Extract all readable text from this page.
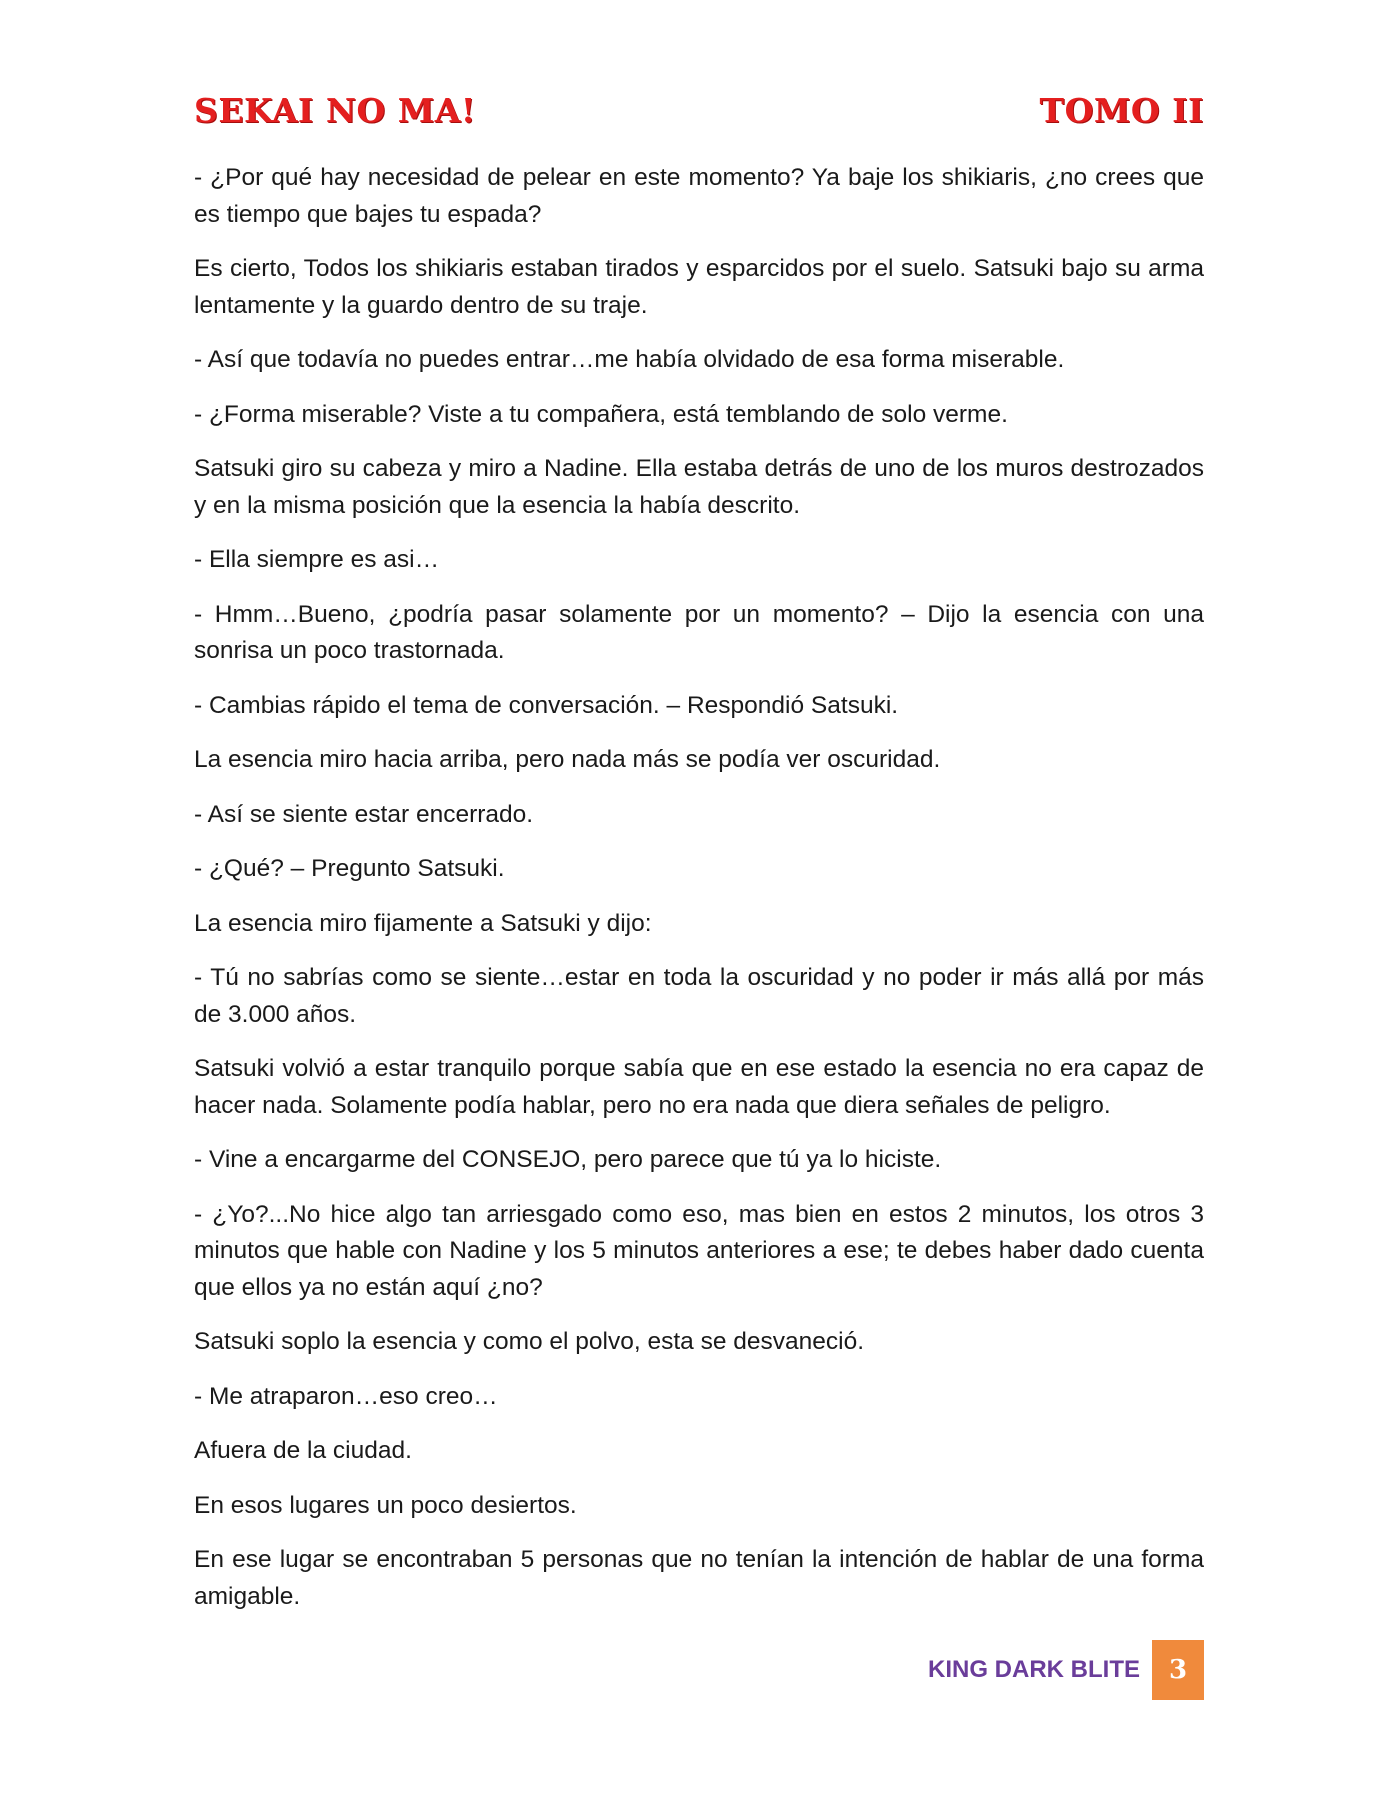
SEKAI NO MA!	TOMO II

- ¿Por qué hay necesidad de pelear en este momento? Ya baje los shikiaris, ¿no crees que es tiempo que bajes tu espada?

Es cierto, Todos los shikiaris estaban tirados y esparcidos por el suelo. Satsuki bajo su arma lentamente y la guardo dentro de su traje.

- Así que todavía no puedes entrar…me había olvidado de esa forma miserable.

- ¿Forma miserable? Viste a tu compañera, está temblando de solo verme.

Satsuki giro su cabeza y miro a Nadine. Ella estaba detrás de uno de los muros destrozados y en la misma posición que la esencia la había descrito.

- Ella siempre es asi…

- Hmm…Bueno, ¿podría pasar solamente por un momento? – Dijo la esencia con una sonrisa un poco trastornada.

- Cambias rápido el tema de conversación. – Respondió Satsuki.

La esencia miro hacia arriba, pero nada más se podía ver oscuridad.

- Así se siente estar encerrado.

- ¿Qué? – Pregunto Satsuki.

La esencia miro fijamente a Satsuki y dijo:

- Tú no sabrías como se siente…estar en toda la oscuridad y no poder ir más allá por más de 3.000 años.

Satsuki volvió a estar tranquilo porque sabía que en ese estado la esencia no era capaz de hacer nada. Solamente podía hablar, pero no era nada que diera señales de peligro.

- Vine a encargarme del CONSEJO, pero parece que tú ya lo hiciste.

- ¿Yo?...No hice algo tan arriesgado como eso, mas bien en estos 2 minutos, los otros 3 minutos que hable con Nadine y los 5 minutos anteriores a ese; te debes haber dado cuenta que ellos ya no están aquí ¿no?

Satsuki soplo la esencia y como el polvo, esta se desvaneció.

- Me atraparon…eso creo…

Afuera de la ciudad.

En esos lugares un poco desiertos.

En ese lugar se encontraban 5 personas que no tenían la intención de hablar de una forma amigable.

KING DARK BLITE 3
